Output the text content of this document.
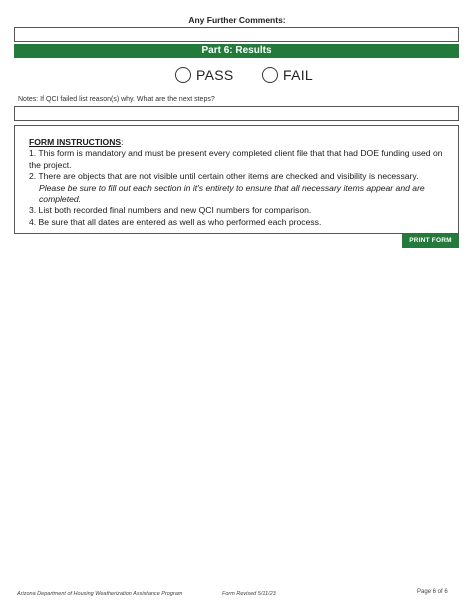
Any Further Comments:
Part 6: Results
PASS	FAIL
Notes: If QCI failed list reason(s) why. What are the next steps?
FORM INSTRUCTIONS:
1. This form is mandatory and must be present every completed client file that that had DOE funding used on the project.
2. There are objects that are not visible until certain other items are checked and visibility is necessary.
Please be sure to fill out each section in it's entirety to ensure that all necessary items appear and are completed.
3. List both recorded final numbers and new QCI numbers for comparison.
4. Be sure that all dates are entered as well as who performed each process.
PRINT FORM
Arizona Department of Housing Weatherization Assistance Program	Form Revised 5/11/23	Page 6 of 6
